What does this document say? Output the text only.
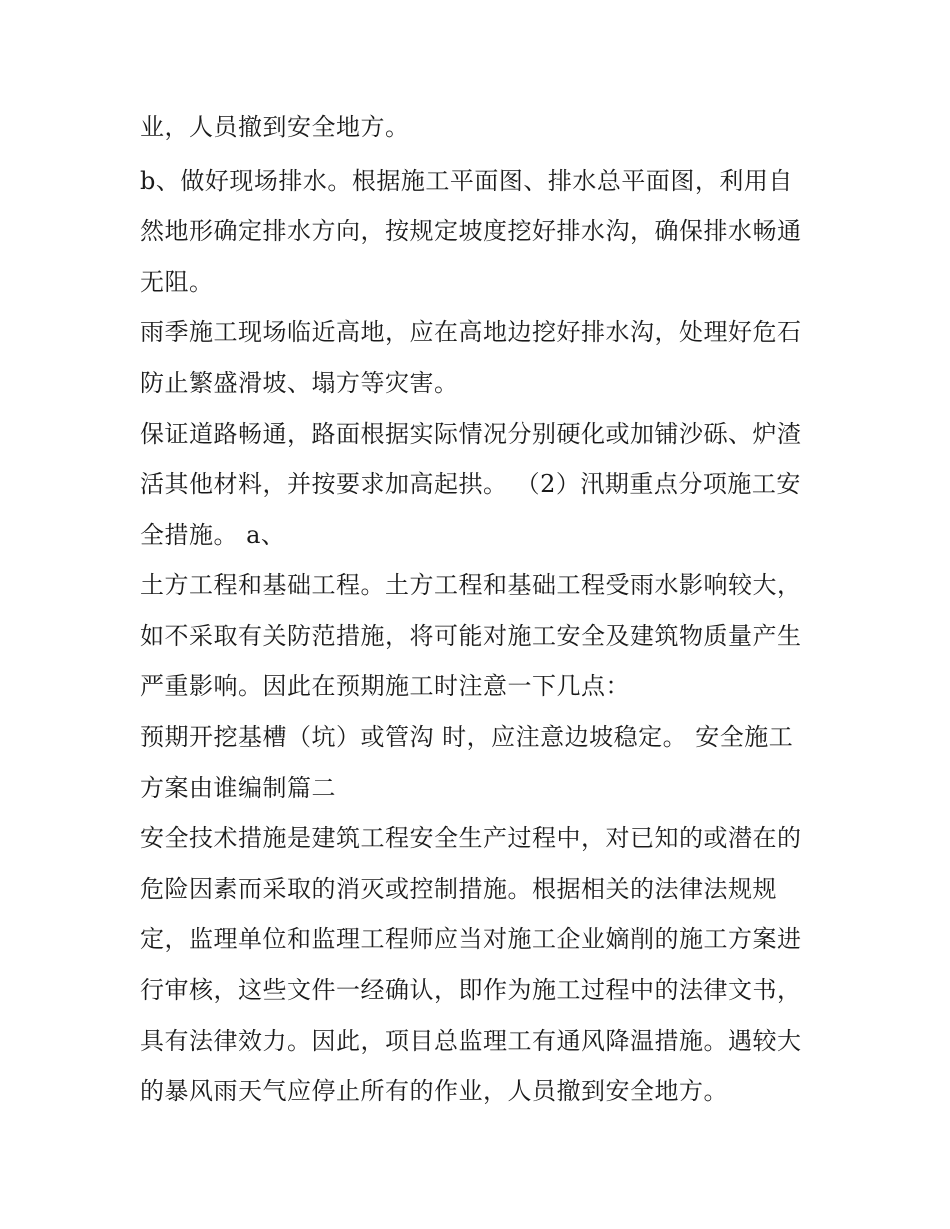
业，人员撤到安全地方。
b、做好现场排水。根据施工平面图、排水总平面图，利用自
然地形确定排水方向，按规定坡度挖好排水沟，确保排水畅通
无阻。
雨季施工现场临近高地，应在高地边挖好排水沟，处理好危石
防止繁盛滑坡、塌方等灾害。
保证道路畅通，路面根据实际情况分别硬化或加铺沙砾、炉渣
活其他材料，并按要求加高起拱。 （2）汛期重点分项施工安
全措施。 a、
土方工程和基础工程。土方工程和基础工程受雨水影响较大，
如不采取有关防范措施，将可能对施工安全及建筑物质量产生
严重影响。因此在预期施工时注意一下几点：
预期开挖基槽（坑）或管沟 时，应注意边坡稳定。 安全施工
方案由谁编制篇二
安全技术措施是建筑工程安全生产过程中，对已知的或潜在的
危险因素而采取的消灭或控制措施。根据相关的法律法规规
定，监理单位和监理工程师应当对施工企业嫡削的施工方案进
行审核，这些文件一经确认，即作为施工过程中的法律文书，
具有法律效力。因此，项目总监理工有通风降温措施。遇较大
的暴风雨天气应停止所有的作业，人员撤到安全地方。
